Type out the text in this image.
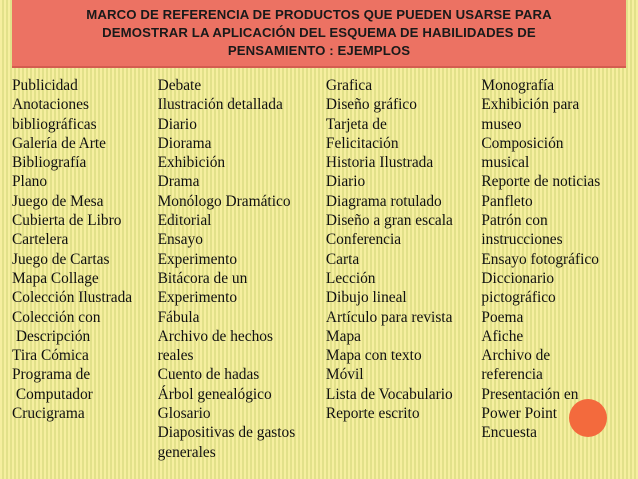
MARCO DE REFERENCIA DE PRODUCTOS QUE PUEDEN USARSE PARA
DEMOSTRAR LA APLICACIÓN DEL ESQUEMA DE HABILIDADES DE
PENSAMIENTO : EJEMPLOS
Publicidad
Anotaciones
bibliográficas
Galería de Arte
Bibliografía
Plano
Juego de Mesa
Cubierta de Libro
Cartelera
Juego de Cartas
Mapa Collage
Colección Ilustrada
Colección con
Descripción
Tira Cómica
Programa de
Computador
Crucigrama
Debate
Ilustración detallada
Diario
Diorama
Exhibición
Drama
Monólogo Dramático
Editorial
Ensayo
Experimento
Bitácora de un
Experimento
Fábula
Archivo de hechos
reales
Cuento de hadas
Árbol genealógico
Glosario
Diapositivas de gastos
generales
Grafica
Diseño gráfico
Tarjeta de
Felicitación
Historia Ilustrada
Diario
Diagrama rotulado
Diseño a gran escala
Conferencia
Carta
Lección
Dibujo lineal
Artículo para revista
Mapa
Mapa con texto
Móvil
Lista de Vocabulario
Reporte escrito
Monografía
Exhibición para
museo
Composición
musical
Reporte de noticias
Panfleto
Patrón con
instrucciones
Ensayo fotográfico
Diccionario
pictográfico
Poema
Afiche
Archivo de
referencia
Presentación en
Power Point
Encuesta
